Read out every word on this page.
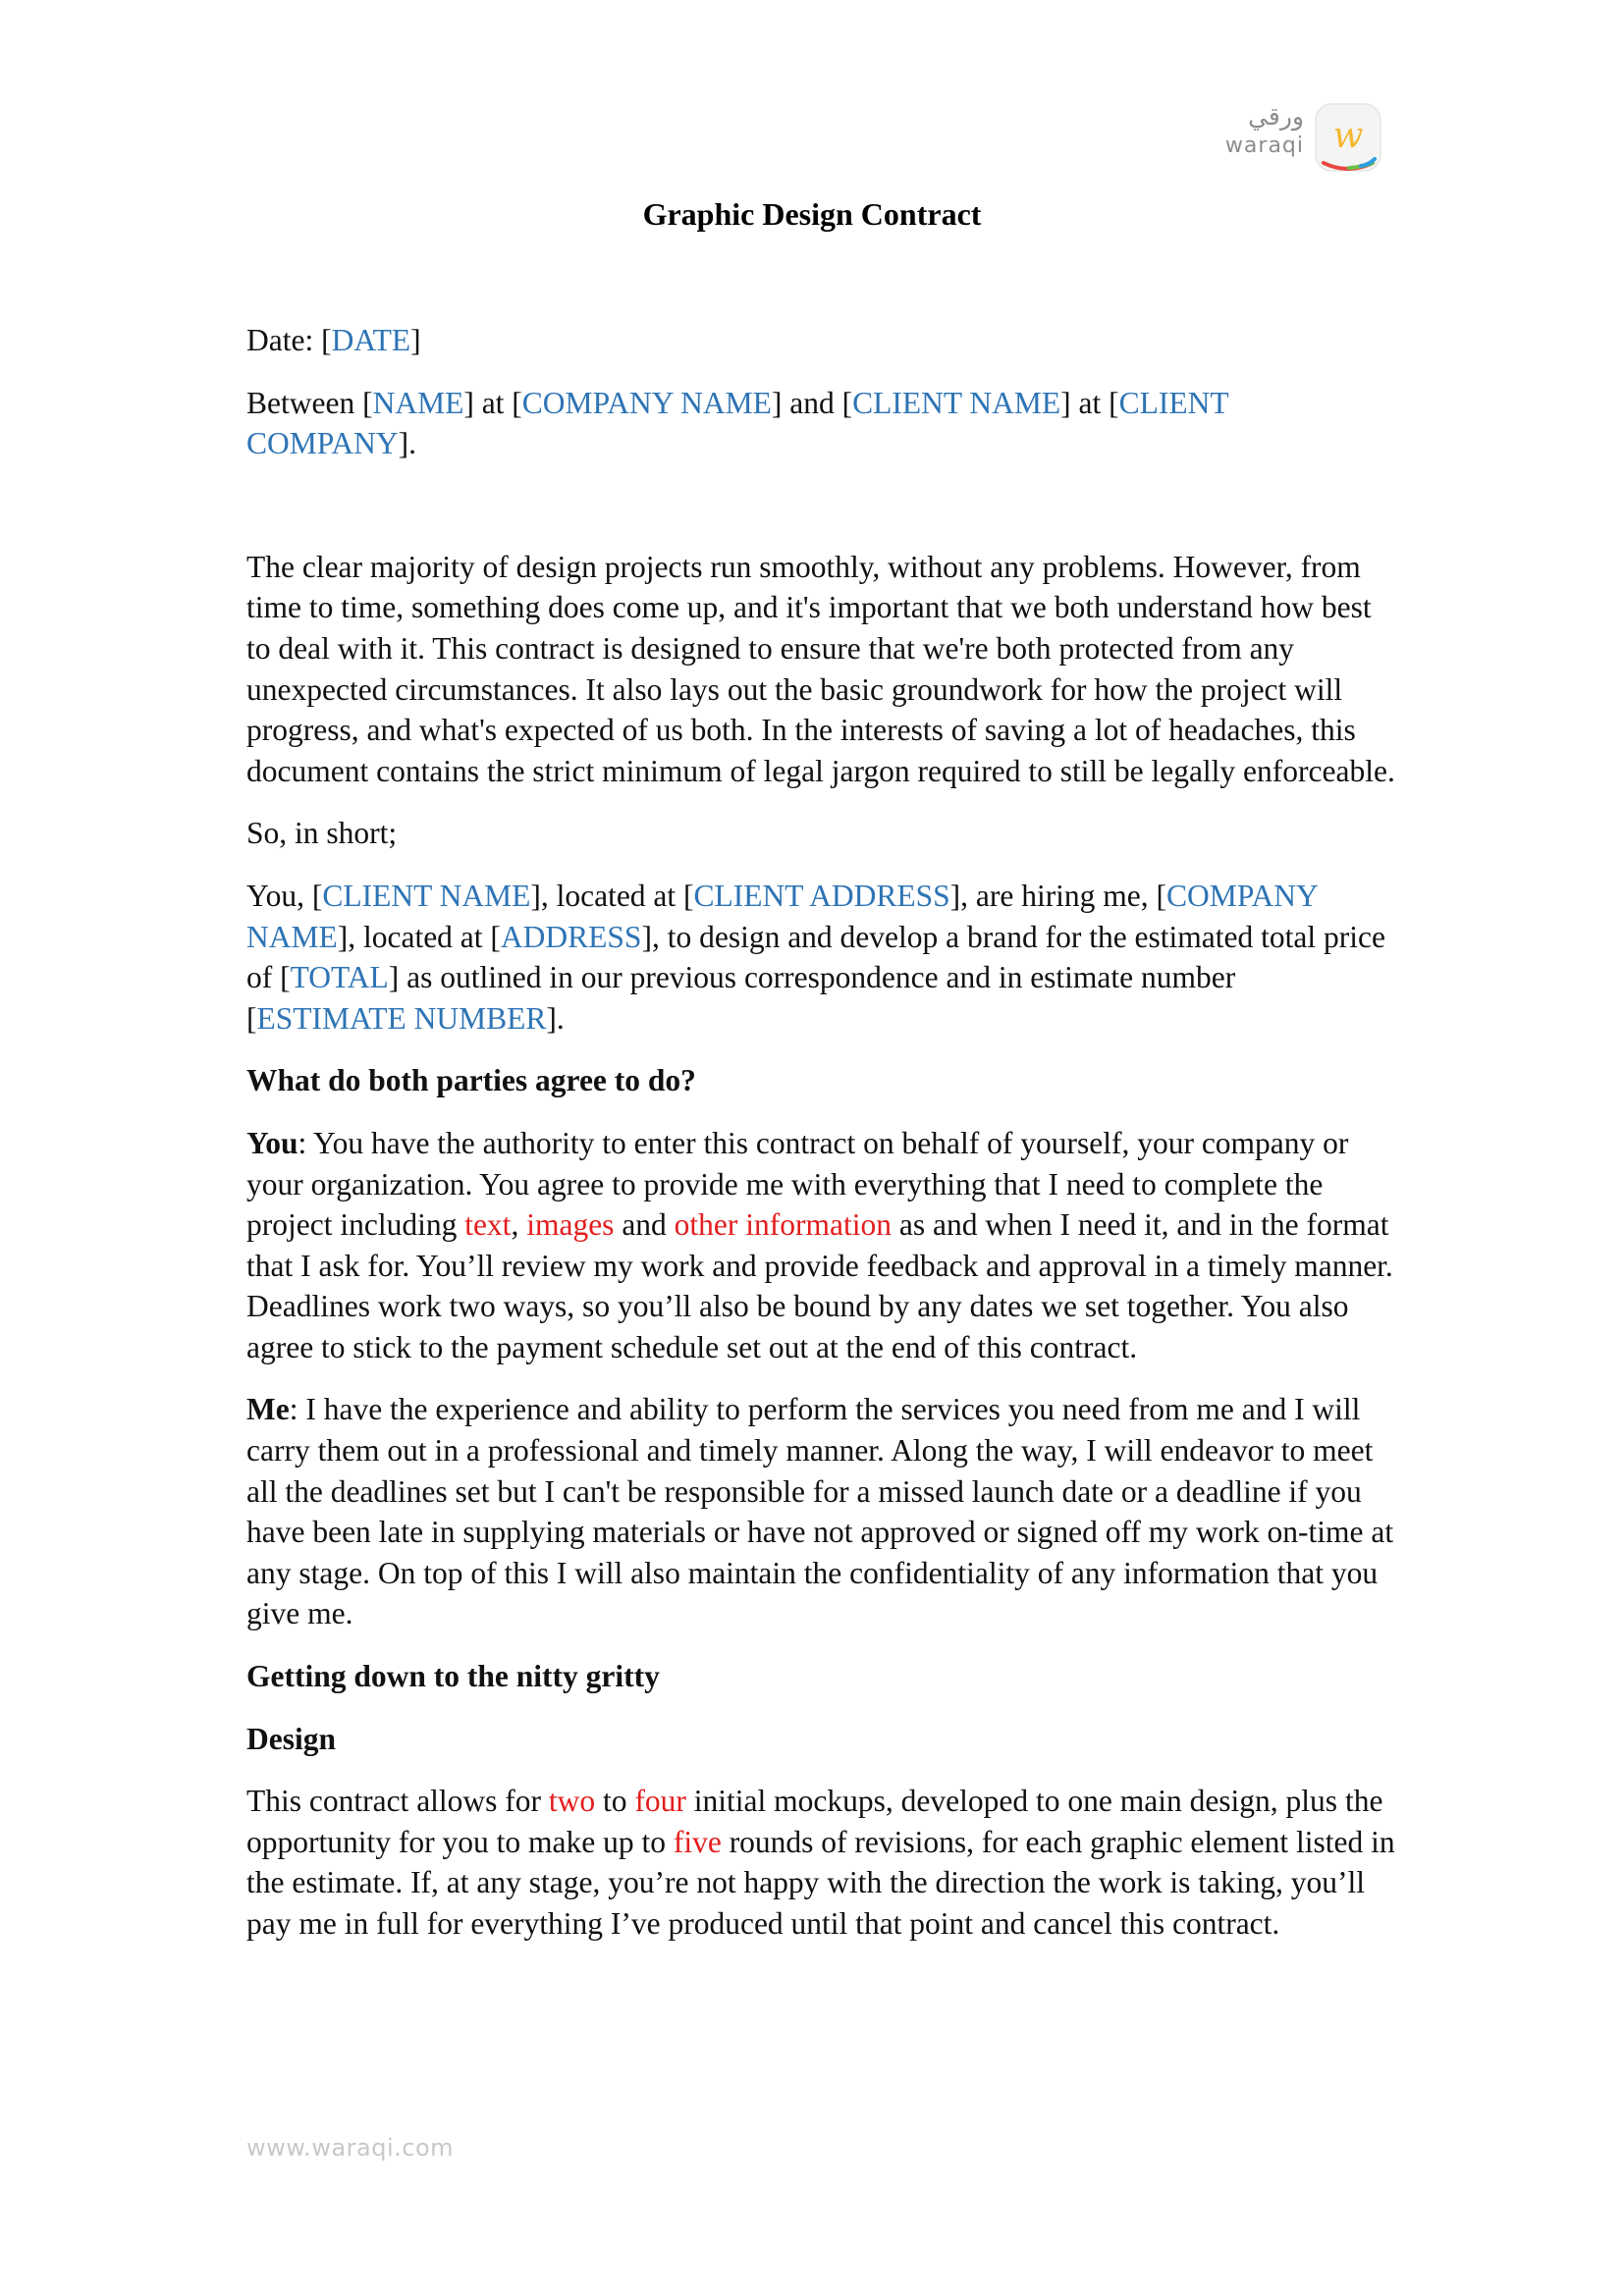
ورقي
waraqi w
Graphic Design Contract

Date: [DATE]

Between [NAME] at [COMPANY NAME] and [CLIENT NAME] at [CLIENT COMPANY].

The clear majority of design projects run smoothly, without any problems. However, from time to time, something does come up, and it's important that we both understand how best to deal with it. This contract is designed to ensure that we're both protected from any unexpected circumstances. It also lays out the basic groundwork for how the project will progress, and what's expected of us both. In the interests of saving a lot of headaches, this document contains the strict minimum of legal jargon required to still be legally enforceable.

So, in short;

You, [CLIENT NAME], located at [CLIENT ADDRESS], are hiring me, [COMPANY NAME], located at [ADDRESS], to design and develop a brand for the estimated total price of [TOTAL] as outlined in our previous correspondence and in estimate number [ESTIMATE NUMBER].

What do both parties agree to do?

You: You have the authority to enter this contract on behalf of yourself, your company or your organization. You agree to provide me with everything that I need to complete the project including text, images and other information as and when I need it, and in the format that I ask for. You’ll review my work and provide feedback and approval in a timely manner. Deadlines work two ways, so you’ll also be bound by any dates we set together. You also agree to stick to the payment schedule set out at the end of this contract.

Me: I have the experience and ability to perform the services you need from me and I will carry them out in a professional and timely manner. Along the way, I will endeavor to meet all the deadlines set but I can't be responsible for a missed launch date or a deadline if you have been late in supplying materials or have not approved or signed off my work on-time at any stage. On top of this I will also maintain the confidentiality of any information that you give me.

Getting down to the nitty gritty

Design

This contract allows for two to four initial mockups, developed to one main design, plus the opportunity for you to make up to five rounds of revisions, for each graphic element listed in the estimate. If, at any stage, you’re not happy with the direction the work is taking, you’ll pay me in full for everything I’ve produced until that point and cancel this contract.

www.waraqi.com
